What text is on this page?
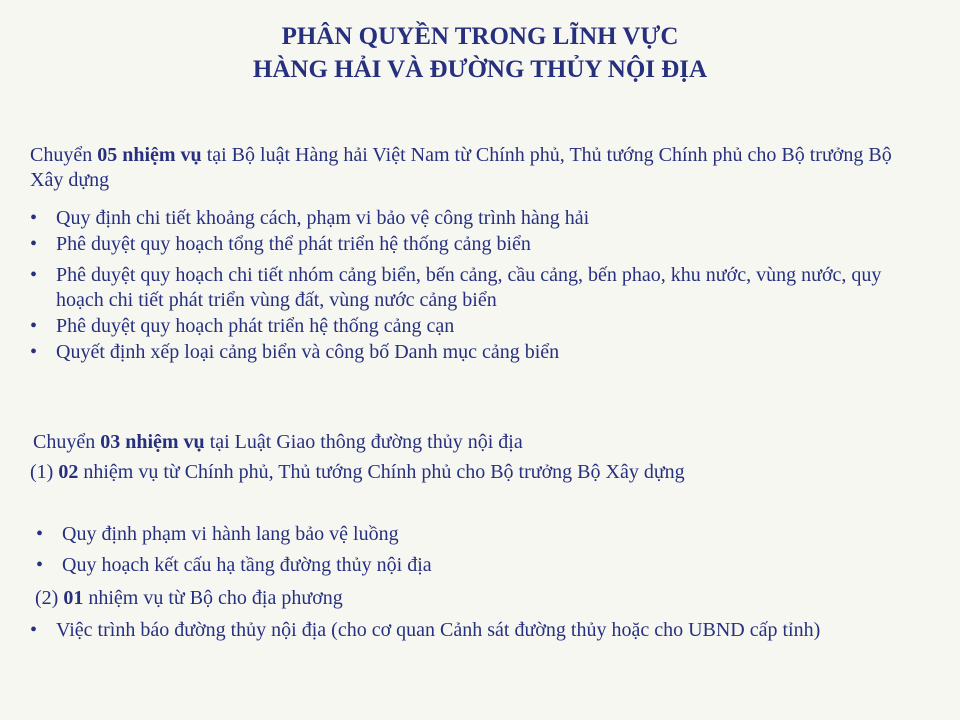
PHÂN QUYỀN TRONG LĨNH VỰC
HÀNG HẢI VÀ ĐƯỜNG THỦY NỘI ĐỊA
Chuyển 05 nhiệm vụ tại Bộ luật Hàng hải Việt Nam từ Chính phủ, Thủ tướng Chính phủ cho Bộ trưởng Bộ Xây dựng
• Quy định chi tiết khoảng cách, phạm vi bảo vệ công trình hàng hải
• Phê duyệt quy hoạch tổng thể phát triển hệ thống cảng biển
• Phê duyệt quy hoạch chi tiết nhóm cảng biển, bến cảng, cầu cảng, bến phao, khu nước, vùng nước, quy hoạch chi tiết phát triển vùng đất, vùng nước cảng biển
• Phê duyệt quy hoạch phát triển hệ thống cảng cạn
• Quyết định xếp loại cảng biển và công bố Danh mục cảng biển
Chuyển 03 nhiệm vụ tại Luật Giao thông đường thủy nội địa
(1) 02 nhiệm vụ từ Chính phủ, Thủ tướng Chính phủ cho Bộ trưởng Bộ Xây dựng
• Quy định phạm vi hành lang bảo vệ luồng
• Quy hoạch kết cấu hạ tầng đường thủy nội địa
(2) 01 nhiệm vụ từ Bộ cho địa phương
• Việc trình báo đường thủy nội địa (cho cơ quan Cảnh sát đường thủy hoặc cho UBND cấp tỉnh)
